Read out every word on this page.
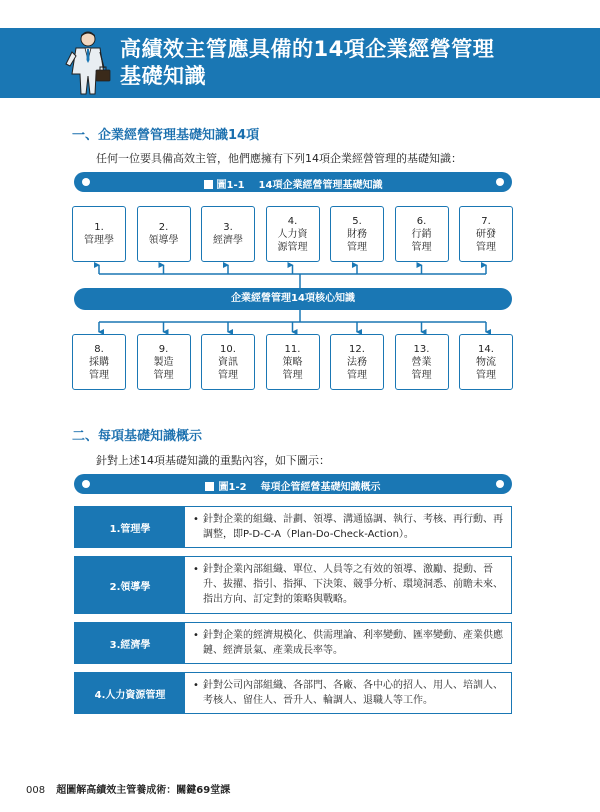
高績效主管應具備的14項企業經營管理
基礎知識
一、企業經營管理基礎知識14項
任何一位要具備高效主管，他們應擁有下列14項企業經營管理的基礎知識：
圖1-1 14項企業經營管理基礎知識
1.
管理學
2.
領導學
3.
經濟學
4.
人力資
源管理
5.
財務
管理
6.
行銷
管理
7.
研發
管理
企業經營管理14項核心知識
8.
採購
管理
9.
製造
管理
10.
資訊
管理
11.
策略
管理
12.
法務
管理
13.
營業
管理
14.
物流
管理
二、每項基礎知識概示
針對上述14項基礎知識的重點內容，如下圖示：
圖1-2 每項企管經營基礎知識概示
1.管理學
• 針對企業的組織、計劃、領導、溝通協調、執行、考核、再行動、再調整，即P-D-C-A（Plan-Do-Check-Action）。
2.領導學
• 針對企業內部組織、單位、人員等之有效的領導、激勵、提動、晉升、拔擢、指引、指揮、下決策、競爭分析、環境洞悉、前瞻未來、指出方向、訂定對的策略與戰略。
3.經濟學
• 針對企業的經濟規模化、供需理論、利率變動、匯率變動、產業供應鏈、經濟景氣、產業成長率等。
4.人力資源管理
• 針對公司內部組織、各部門、各廠、各中心的招人、用人、培訓人、考核人、留住人、晉升人、輪調人、退職人等工作。
008 超圖解高績效主管養成術：關鍵69堂課
